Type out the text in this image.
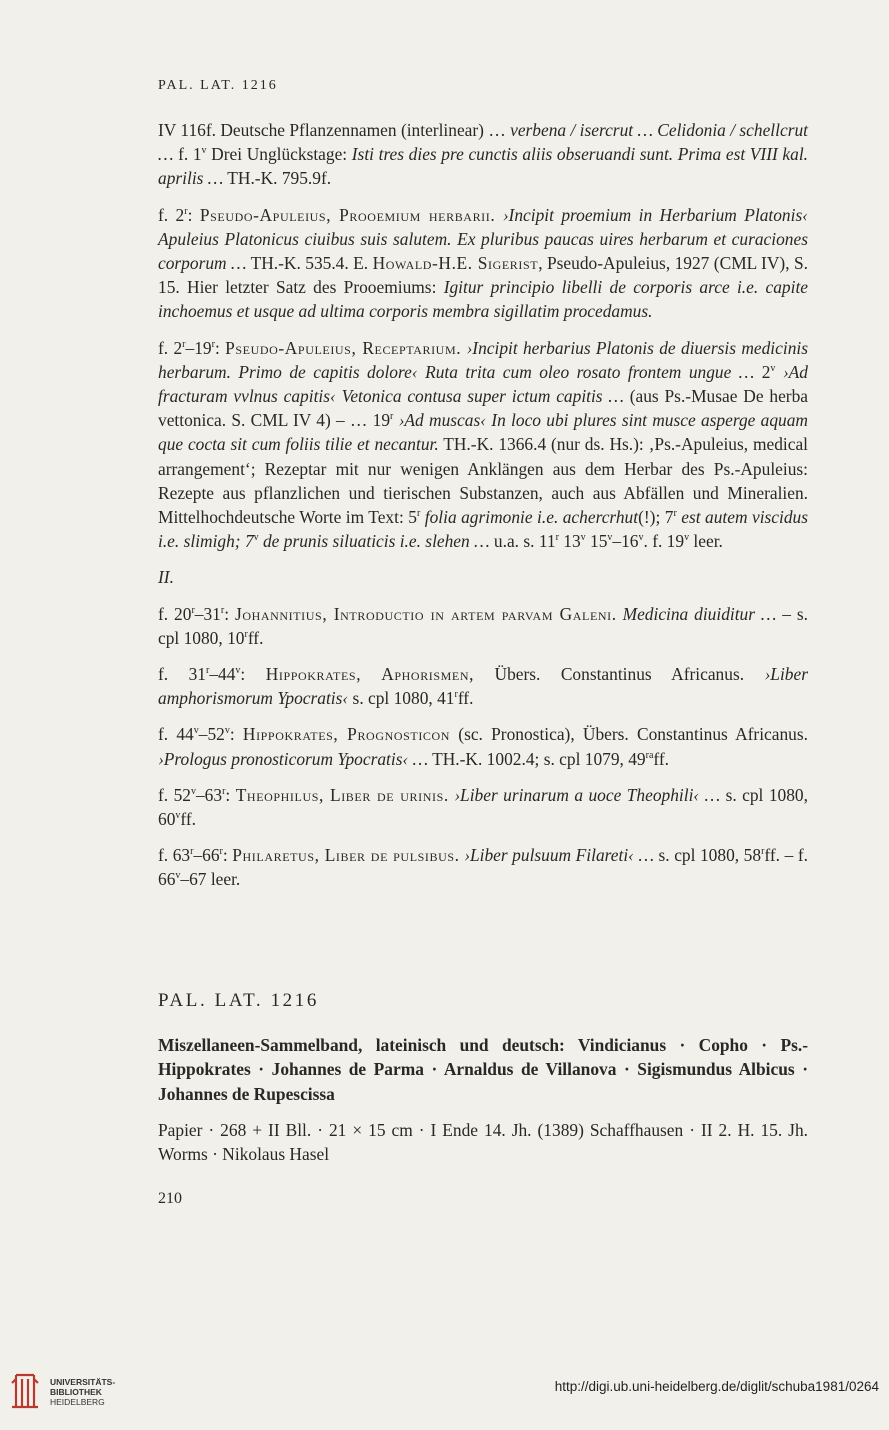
PAL. LAT. 1216

IV 116f. Deutsche Pflanzennamen (interlinear) … verbena / isercrut … Celidonia / schellcrut … f. 1$^v$ Drei Unglückstage: Isti tres dies pre cunctis aliis obseruandi sunt. Prima est VIII kal. aprilis … TH.-K. 795.9f.

f. 2$^r$: Pseudo-Apuleius, Prooemium herbarii. ›Incipit proemium in Herbarium Platonis‹ Apuleius Platonicus ciuibus suis salutem. Ex pluribus paucas uires herbarum et curaciones corporum … TH.-K. 535.4. E. Howald-H.E. Sigerist, Pseudo-Apuleius, 1927 (CML IV), S. 15. Hier letzter Satz des Prooemiums: Igitur principio libelli de corporis arce i.e. capite inchoemus et usque ad ultima corporis membra sigillatim procedamus.

f. 2$^r$–19$^r$: Pseudo-Apuleius, Receptarium. ›Incipit herbarius Platonis de diuersis medicinis herbarum. Primo de capitis dolore‹ Ruta trita cum oleo rosato frontem ungue … 2$^v$ ›Ad fracturam vvlnus capitis‹ Vetonica contusa super ictum capitis … (aus Ps.-Musae De herba vettonica. S. CML IV 4) – … 19$^r$ ›Ad muscas‹ In loco ubi plures sint musce asperge aquam que cocta sit cum foliis tilie et necantur. TH.-K. 1366.4 (nur ds. Hs.): ‚Ps.-Apuleius, medical arrangement‘; Rezeptar mit nur wenigen Anklängen aus dem Herbar des Ps.-Apuleius: Rezepte aus pflanzlichen und tierischen Substanzen, auch aus Abfällen und Mineralien. Mittelhochdeutsche Worte im Text: 5$^r$ folia agrimonie i.e. achercrhut(!); 7$^r$ est autem viscidus i.e. slimigh; 7$^v$ de prunis siluaticis i.e. slehen … u.a. s. 11$^r$ 13$^v$ 15$^v$–16$^v$. f. 19$^v$ leer.

II.

f. 20$^r$–31$^r$: Johannitius, Introductio in artem parvam Galeni. Medicina diuiditur … – s. cpl 1080, 10$^r$ff.

f. 31$^r$–44$^v$: Hippokrates, Aphorismen, Übers. Constantinus Africanus. ›Liber amphorismorum Ypocratis‹ s. cpl 1080, 41$^r$ff.

f. 44$^v$–52$^v$: Hippokrates, Prognosticon (sc. Pronostica), Übers. Constantinus Africanus. ›Prologus pronosticorum Ypocratis‹ … TH.-K. 1002.4; s. cpl 1079, $49^{ra}ff$.

f. 52$^v$–63$^r$: Theophilus, Liber de urinis. ›Liber urinarum a uoce Theophili‹ … s. cpl 1080, 60$^v$ff.

f. 63$^r$–66$^r$: Philaretus, Liber de pulsibus. ›Liber pulsuum Filareti‹ … s. cpl 1080, 58$^r$ff. – f. 66$^v$–67 leer.

PAL. LAT. 1216
Miszellaneen-Sammelband, lateinisch und deutsch: Vindicianus · Copho · Ps.-Hippokrates · Johannes de Parma · Arnaldus de Villanova · Sigismundus Albicus · Johannes de Rupescissa
Papier · 268 + II Bll. · 21 × 15 cm · I Ende 14. Jh. (1389) Schaffhausen · II 2. H. 15. Jh. Worms · Nikolaus Hasel
210
UNIVERSITÄTS-
BIBLIOTHEK
HEIDELBERG
http://digi.ub.uni-heidelberg.de/diglit/schuba1981/0264
